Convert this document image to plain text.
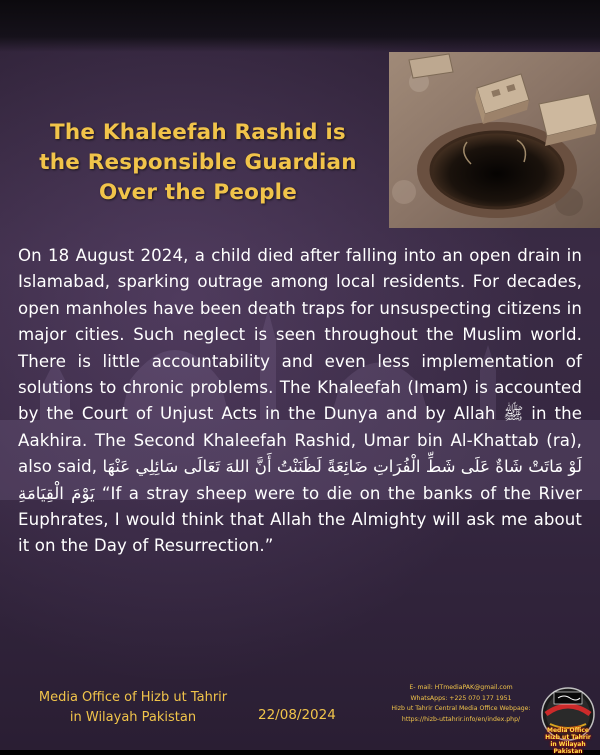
The Khaleefah Rashid is
the Responsible Guardian
Over the People
On 18 August 2024, a child died after falling into an open drain in Islamabad, sparking outrage among local residents. For decades, open manholes have been death traps for unsuspecting citizens in major cities. Such neglect is seen throughout the Muslim world. There is little accountability and even less implementation of solutions to chronic problems. The Khaleefah (Imam) is accounted by the Court of Unjust Acts in the Dunya and by Allah ﷺ in the Aakhira. The Second Khaleefah Rashid, Umar bin Al-Khattab (ra), also said, لَوْ مَاتَتْ شَاةٌ عَلَى شَطِّ الْفُرَاتِ ضَائِعَةً لَظَنَنْتُ أَنَّ اللهَ تَعَالَى سَائِلِي عَنْهَا يَوْمَ الْقِيَامَةِ “If a stray sheep were to die on the banks of the River Euphrates, I would think that Allah the Almighty will ask me about it on the Day of Resurrection.”
Media Office of Hizb ut Tahrir
in Wilayah Pakistan	22/08/2024
E- mail: HTmediaPAK@gmail.com
WhatsApps: +225 070 177 1951
Hizb ut Tahrir Central Media Office Webpage:
https://hizb-uttahrir.info/en/index.php/
Media Office
Hizb ut Tahrir
in Wilayah Pakistan
